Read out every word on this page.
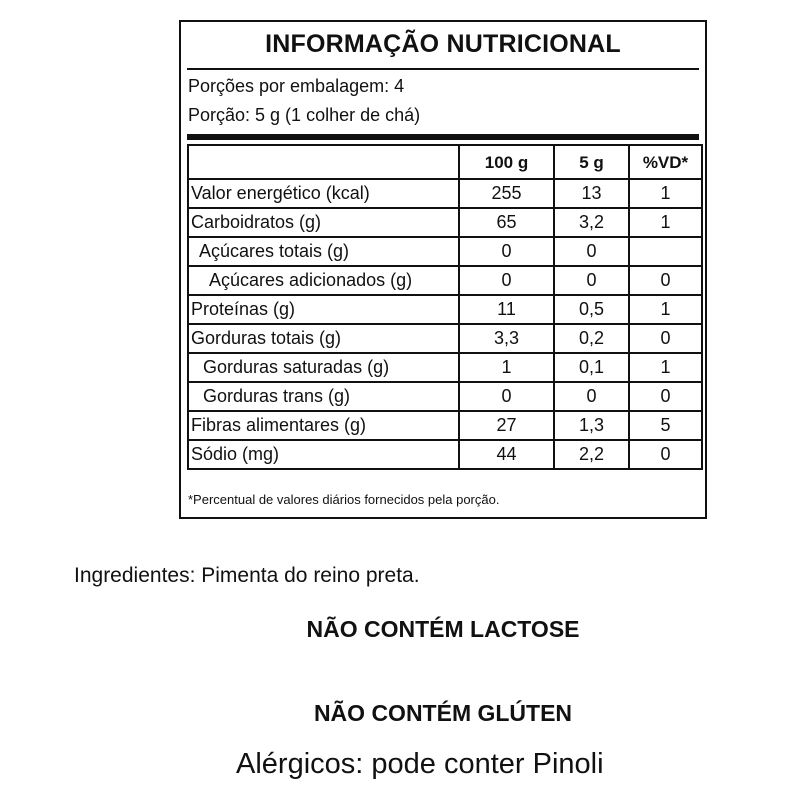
INFORMAÇÃO NUTRICIONAL
Porções por embalagem: 4
Porção: 5 g (1 colher de chá)
	100 g	5 g	%VD*
Valor energético (kcal)	255	13	1
Carboidratos (g)	65	3,2	1
Açúcares totais (g)	0	0	
Açúcares adicionados (g)	0	0	0
Proteínas (g)	11	0,5	1
Gorduras totais (g)	3,3	0,2	0
Gorduras saturadas (g)	1	0,1	1
Gorduras trans (g)	0	0	0
Fibras alimentares (g)	27	1,3	5
Sódio (mg)	44	2,2	0
*Percentual de valores diários fornecidos pela porção.
Ingredientes: Pimenta do reino preta.
NÃO CONTÉM LACTOSE
NÃO CONTÉM GLÚTEN
Alérgicos: pode conter Pinoli
